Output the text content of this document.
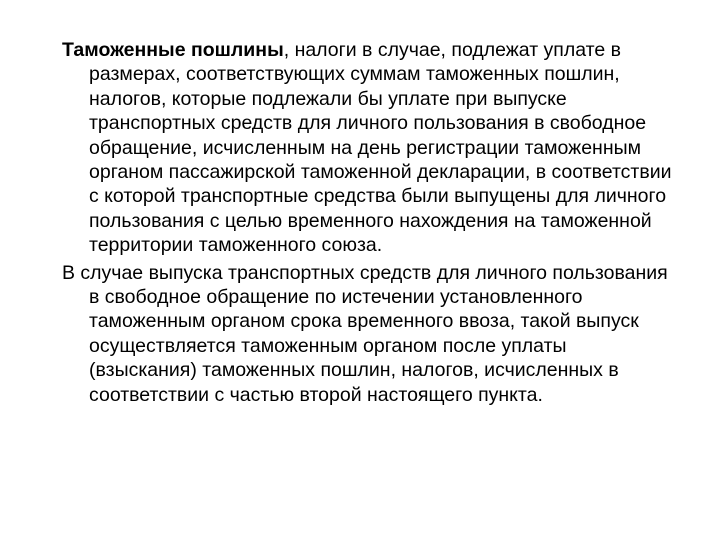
Таможенные пошлины, налоги в случае, подлежат уплате в размерах, соответствующих суммам таможенных пошлин, налогов, которые подлежали бы уплате при выпуске транспортных средств для личного пользования в свободное обращение, исчисленным на день регистрации таможенным органом пассажирской таможенной декларации, в соответствии с которой транспортные средства были выпущены для личного пользования с целью временного нахождения на таможенной территории таможенного союза.

В случае выпуска транспортных средств для личного пользования в свободное обращение по истечении установленного таможенным органом срока временного ввоза, такой выпуск осуществляется таможенным органом после уплаты (взыскания) таможенных пошлин, налогов, исчисленных в соответствии с частью второй настоящего пункта.
